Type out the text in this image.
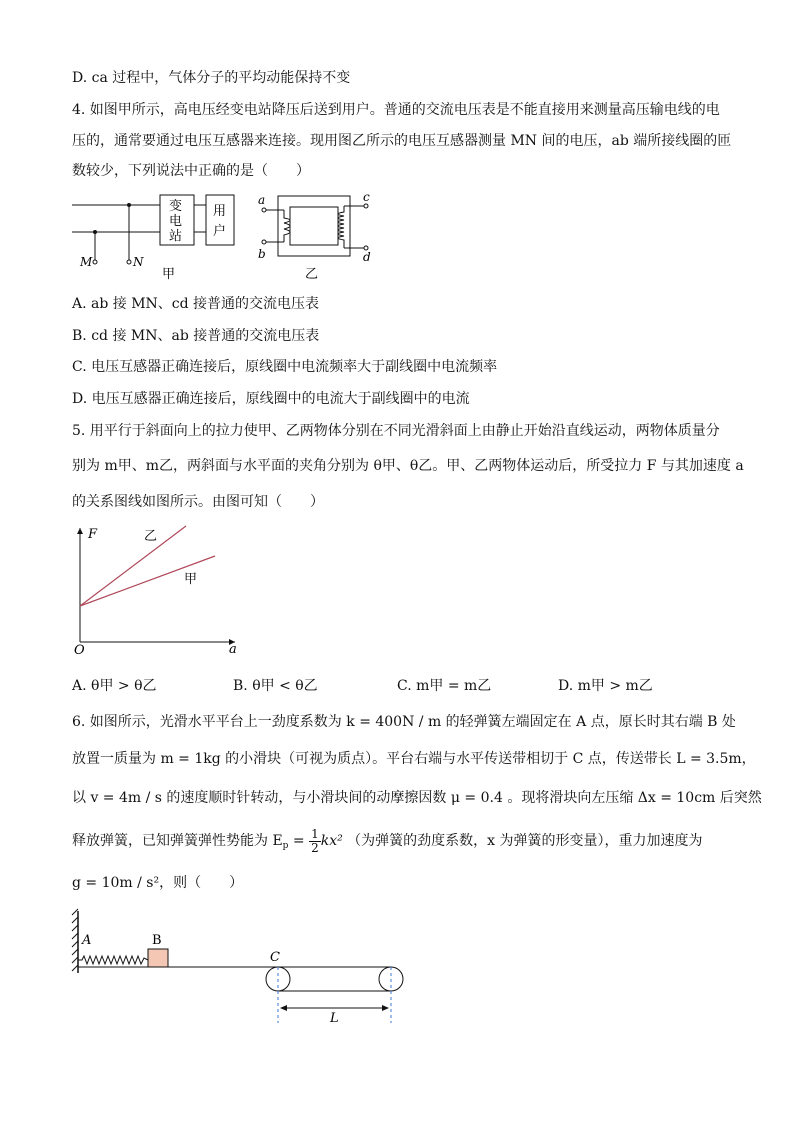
D. ca 过程中，气体分子的平均动能保持不变
4. 如图甲所示，高电压经变电站降压后送到用户。普通的交流电压表是不能直接用来测量高压输电线的电
压的，通常要通过电压互感器来连接。现用图乙所示的电压互感器测量 MN 间的电压，ab 端所接线圈的匝
数较少，下列说法中正确的是（　　）
变
电
站
用
户
M	N
甲
a
b
c
d
乙
A. ab 接 MN、cd 接普通的交流电压表
B. cd 接 MN、ab 接普通的交流电压表
C. 电压互感器正确连接后，原线圈中电流频率大于副线圈中电流频率
D. 电压互感器正确连接后，原线圈中的电流大于副线圈中的电流
5. 用平行于斜面向上的拉力使甲、乙两物体分别在不同光滑斜面上由静止开始沿直线运动，两物体质量分
别为 m甲、m乙，两斜面与水平面的夹角分别为 θ甲、θ乙。甲、乙两物体运动后，所受拉力 F 与其加速度 a
的关系图线如图所示。由图可知（　　）
F
a
O
乙
甲
A. θ甲 > θ乙	B. θ甲 < θ乙	C. m甲 = m乙	D. m甲 > m乙
6. 如图所示，光滑水平平台上一劲度系数为 k = 400N / m 的轻弹簧左端固定在 A 点，原长时其右端 B 处
放置一质量为 m = 1kg 的小滑块（可视为质点）。平台右端与水平传送带相切于 C 点，传送带长 L = 3.5m，
以 v = 4m / s 的速度顺时针转动，与小滑块间的动摩擦因数 μ = 0.4 。现将滑块向左压缩 Δx = 10cm 后突然
释放弹簧，已知弹簧弹性势能为 $E_p = \frac{1}{2} kx^2$ （为弹簧的劲度系数，x 为弹簧的形变量），重力加速度为
g = 10m / s²，则（　　）
A	B
C
L
